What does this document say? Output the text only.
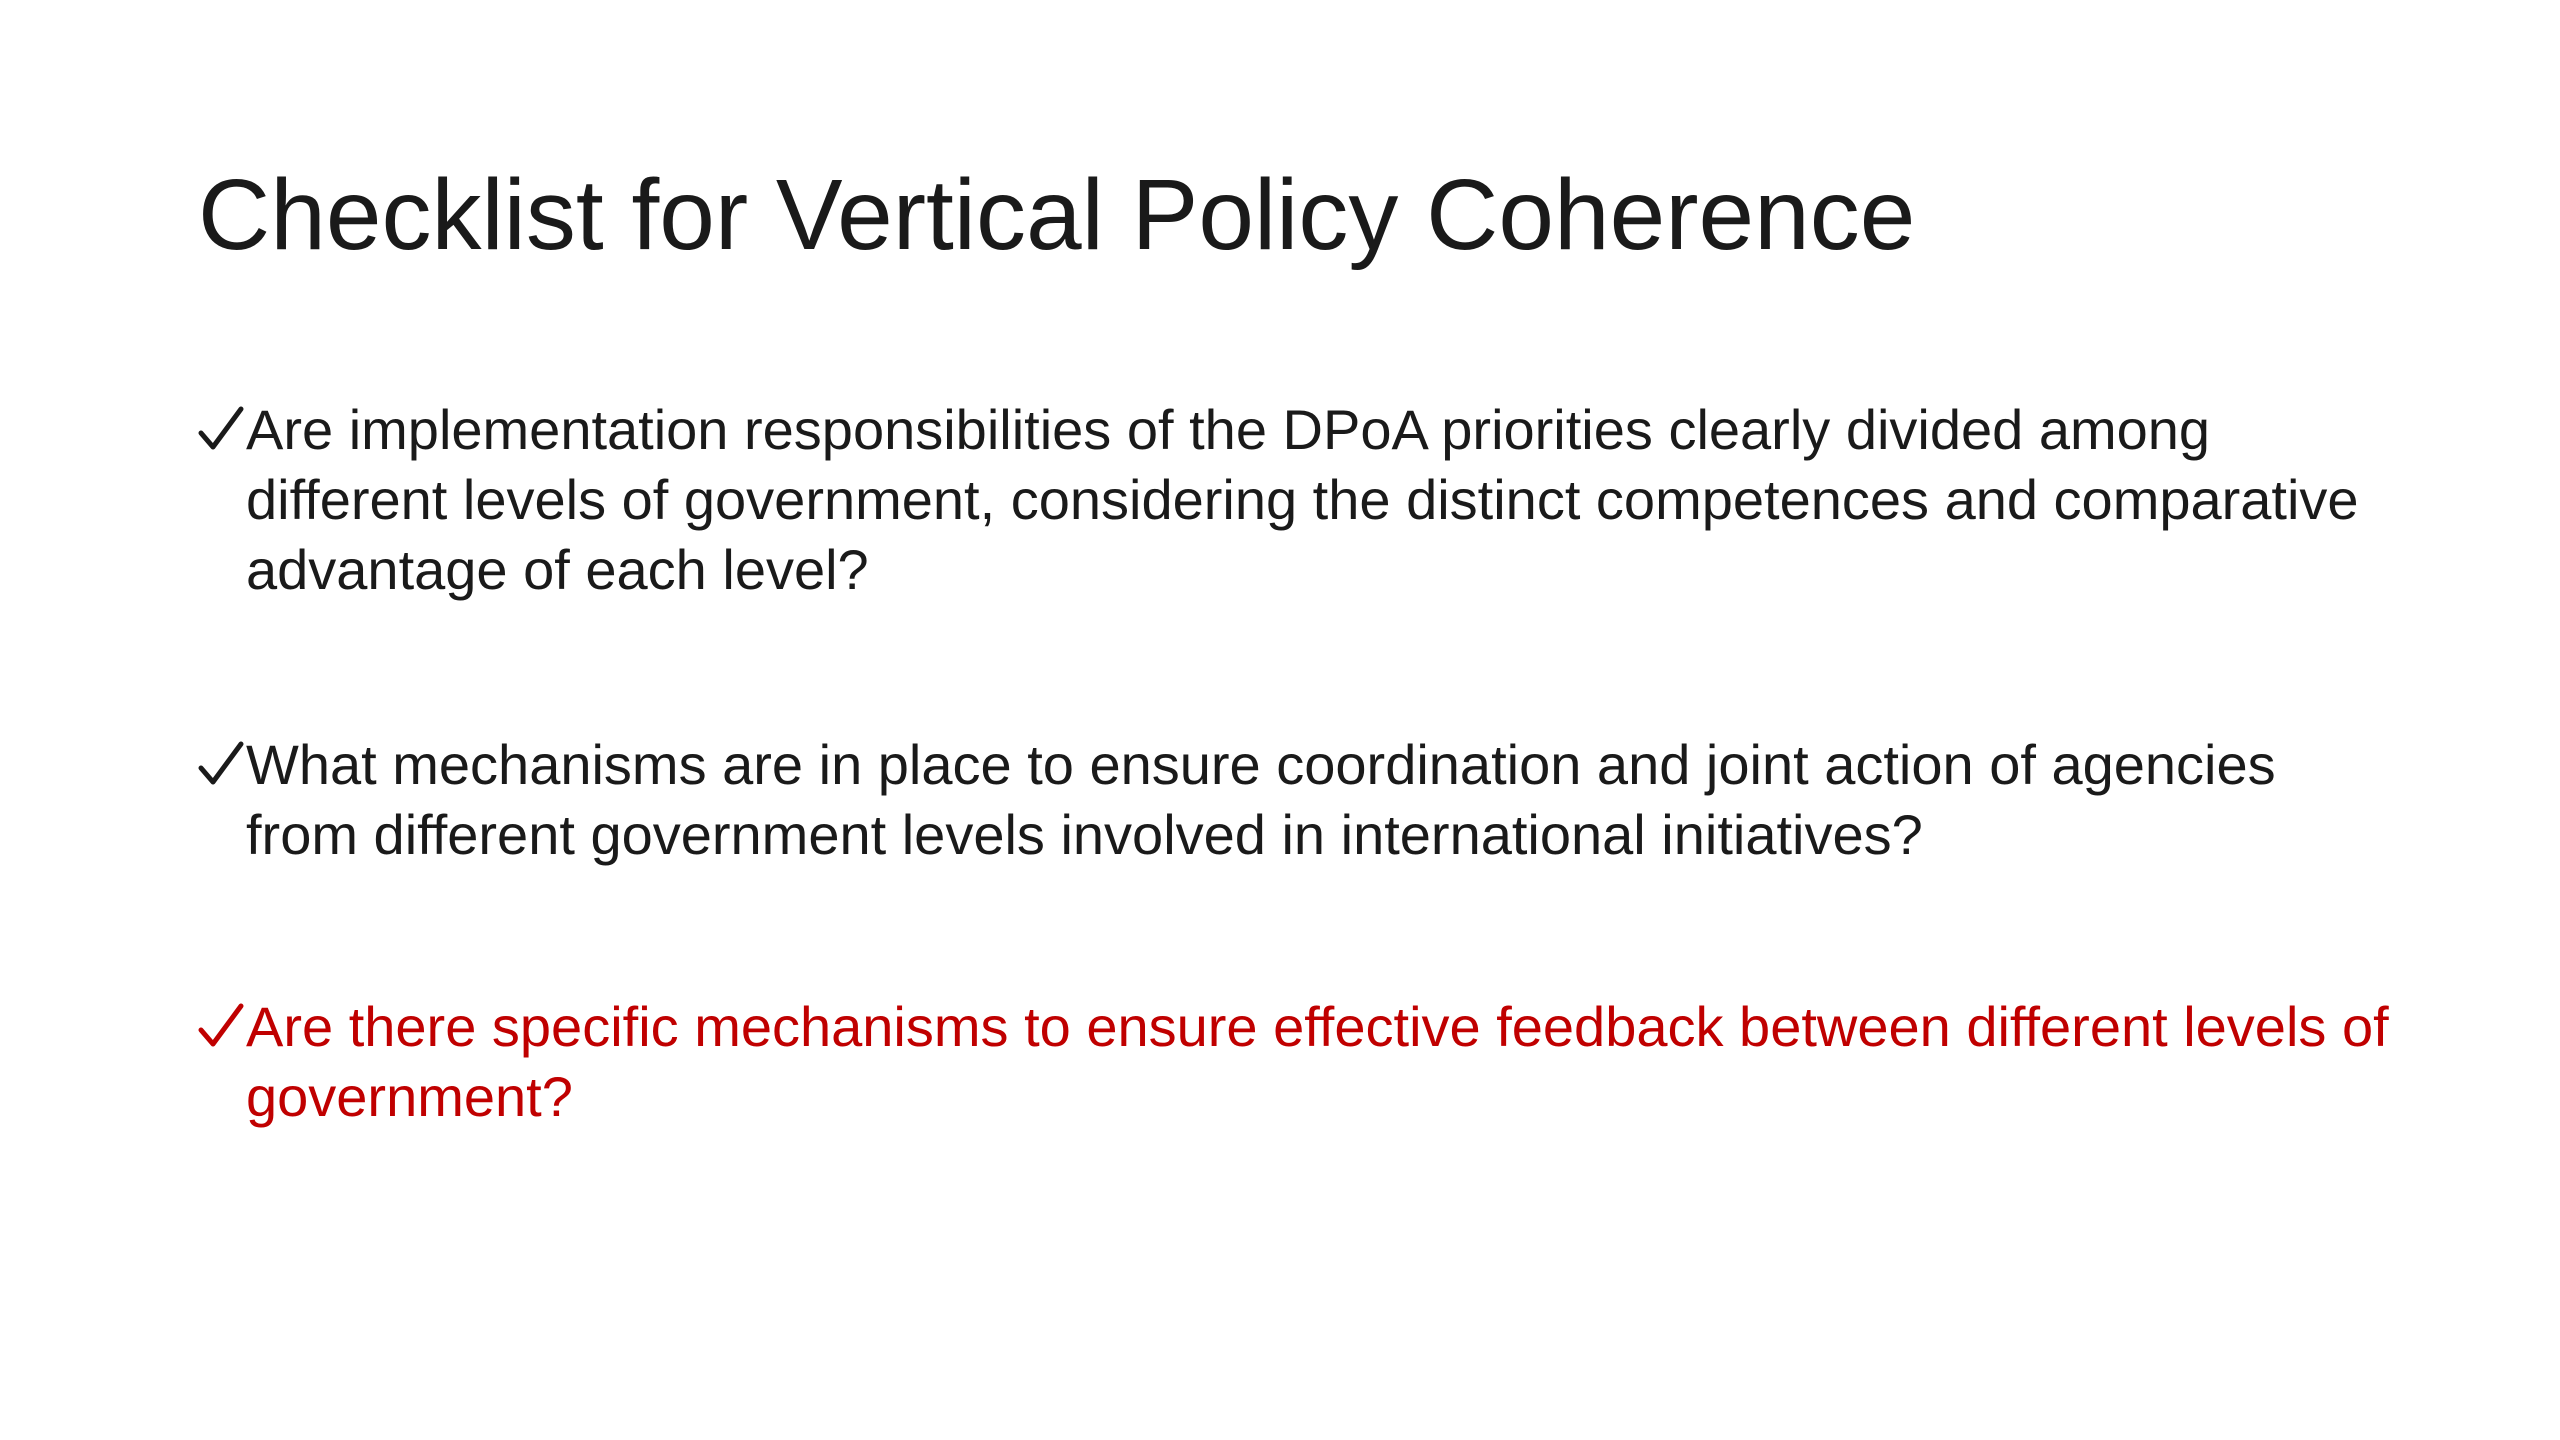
Checklist for Vertical Policy Coherence
Are implementation responsibilities of the DPoA priorities clearly divided among different levels of government, considering the distinct competences and comparative advantage of each level?
What mechanisms are in place to ensure coordination and joint action of agencies from different government levels involved in international initiatives?
Are there specific mechanisms to ensure effective feedback between different levels of government?
